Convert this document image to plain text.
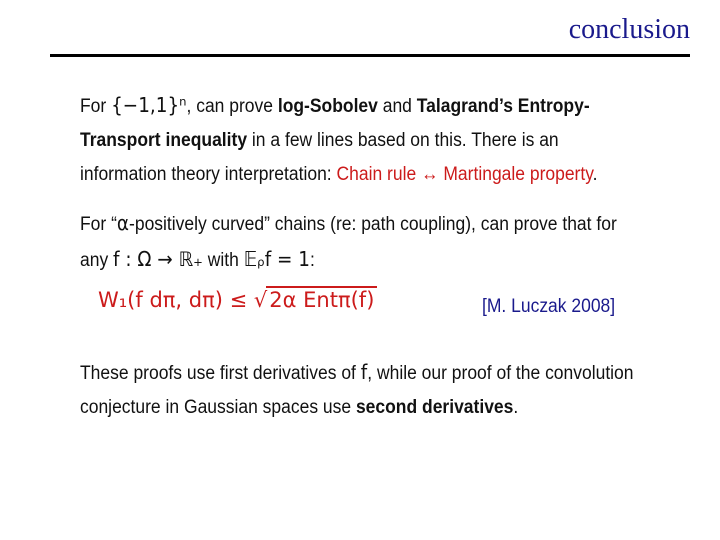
conclusion
For {−1,1}ⁿ, can prove log-Sobolev and Talagrand’s Entropy-Transport inequality in a few lines based on this. There is an information theory interpretation: Chain rule ↔ Martingale property.
For “α-positively curved” chains (re: path coupling), can prove that for any f : Ω → ℝ₊ with 𝔼ᵨf = 1:
W₁(f dπ, dπ) ≤ √2α Entπ(f)	[M. Luczak 2008]
These proofs use first derivatives of f, while our proof of the convolution conjecture in Gaussian spaces use second derivatives.
